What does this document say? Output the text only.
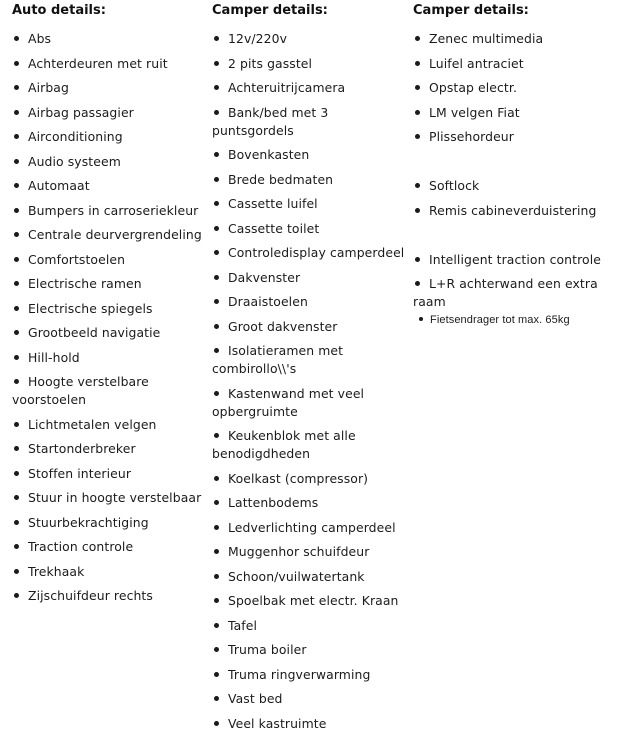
Auto details:
Abs
Achterdeuren met ruit
Airbag
Airbag passagier
Airconditioning
Audio systeem
Automaat
Bumpers in carroseriekleur
Centrale deurvergrendeling
Comfortstoelen
Electrische ramen
Electrische spiegels
Grootbeeld navigatie
Hill-hold
Hoogte verstelbare voorstoelen
Lichtmetalen velgen
Startonderbreker
Stoffen interieur
Stuur in hoogte verstelbaar
Stuurbekrachtiging
Traction controle
Trekhaak
Zijschuifdeur rechts
Camper details:
12v/220v
2 pits gasstel
Achteruitrijcamera
Bank/bed met 3 puntsgordels
Bovenkasten
Brede bedmaten
Cassette luifel
Cassette toilet
Controledisplay camperdeel
Dakvenster
Draaistoelen
Groot dakvenster
Isolatieramen met combirollo\\'s
Kastenwand met veel opbergruimte
Keukenblok met alle benodigdheden
Koelkast (compressor)
Lattenbodems
Ledverlichting camperdeel
Muggenhor schuifdeur
Schoon/vuilwatertank
Spoelbak met electr. Kraan
Tafel
Truma boiler
Truma ringverwarming
Vast bed
Veel kastruimte
Camper details:
Zenec multimedia
Luifel antraciet
Opstap electr.
LM velgen Fiat
Plissehordeur
Softlock
Remis cabineverduistering
Intelligent traction controle
L+R achterwand een extra raam
Fietsendrager tot max. 65kg
